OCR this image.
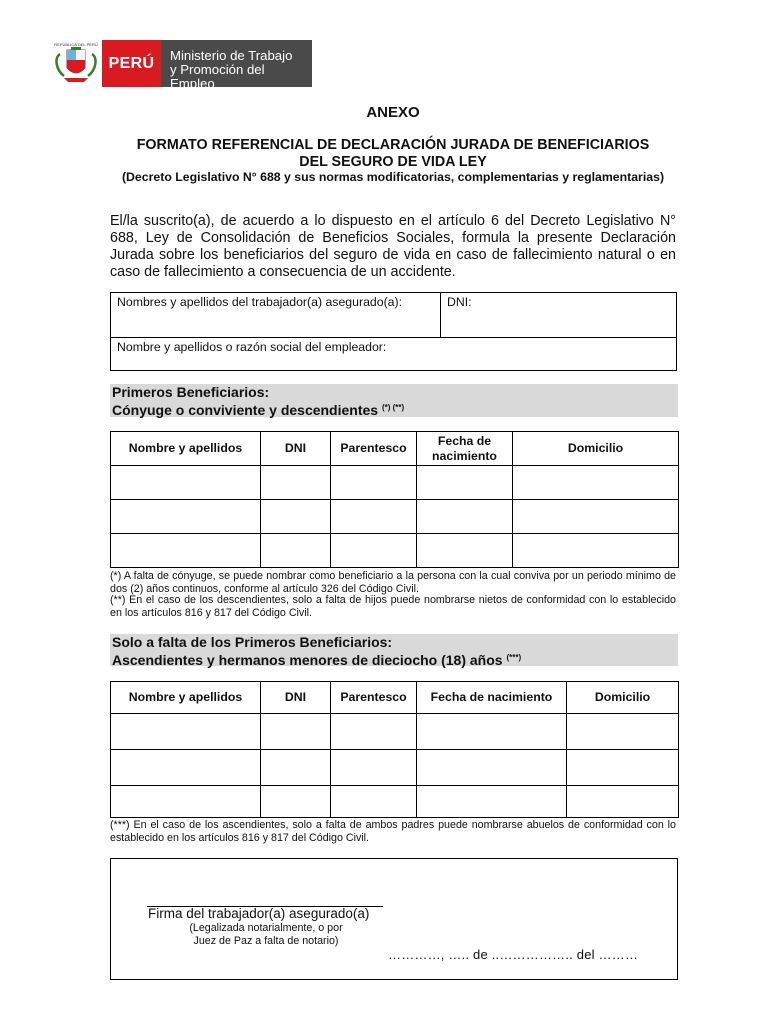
REPÚBLICA DEL PERÚ
PERÚ	Ministerio de Trabajo
y Promoción del Empleo
ANEXO
FORMATO REFERENCIAL DE DECLARACIÓN JURADA DE BENEFICIARIOS
DEL SEGURO DE VIDA LEY
(Decreto Legislativo N° 688 y sus normas modificatorias, complementarias y reglamentarias)
El/la suscrito(a), de acuerdo a lo dispuesto en el artículo 6 del Decreto Legislativo N° 688, Ley de Consolidación de Beneficios Sociales, formula la presente Declaración Jurada sobre los beneficiarios del seguro de vida en caso de fallecimiento natural o en caso de fallecimiento a consecuencia de un accidente.
Nombres y apellidos del trabajador(a) asegurado(a):	DNI:
Nombre y apellidos o razón social del empleador:
Primeros Beneficiarios:
Cónyuge o conviviente y descendientes (*) (**)
Nombre y apellidos	DNI	Parentesco	Fecha de nacimiento	Domicilio

(*) A falta de cónyuge, se puede nombrar como beneficiario a la persona con la cual conviva por un periodo mínimo de dos (2) años continuos, conforme al artículo 326 del Código Civil.
(**) En el caso de los descendientes, solo a falta de hijos puede nombrarse nietos de conformidad con lo establecido en los artículos 816 y 817 del Código Civil.
Solo a falta de los Primeros Beneficiarios:
Ascendientes y hermanos menores de dieciocho (18) años (***)
Nombre y apellidos	DNI	Parentesco	Fecha de nacimiento	Domicilio

(***) En el caso de los ascendientes, solo a falta de ambos padres puede nombrarse abuelos de conformidad con lo establecido en los artículos 816 y 817 del Código Civil.
Firma del trabajador(a) asegurado(a)
(Legalizada notarialmente, o por
Juez de Paz a falta de notario)
…………, ….. de ..…………….. del ………
